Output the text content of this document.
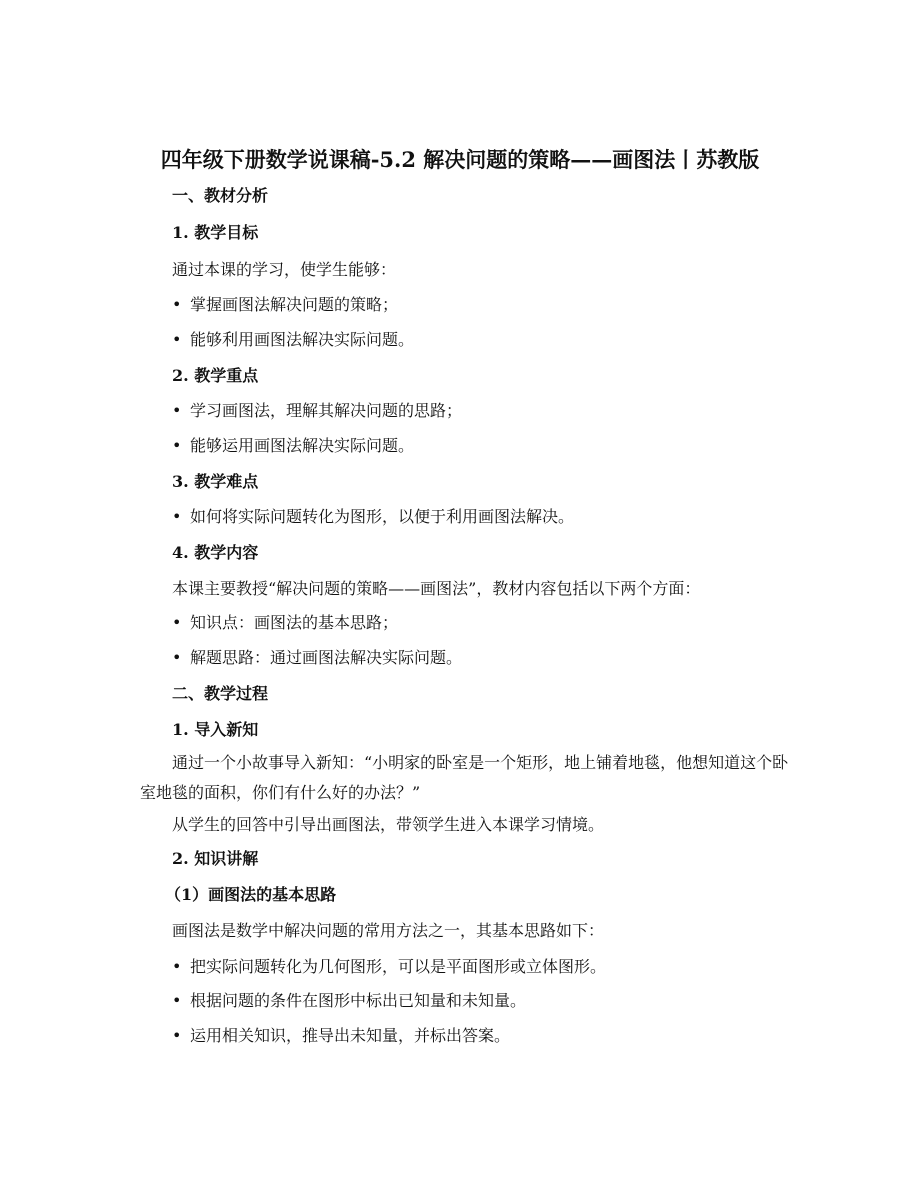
四年级下册数学说课稿-5.2 解决问题的策略——画图法丨苏教版
一、教材分析
1. 教学目标
通过本课的学习，使学生能够：
• 掌握画图法解决问题的策略；
• 能够利用画图法解决实际问题。
2. 教学重点
• 学习画图法，理解其解决问题的思路；
• 能够运用画图法解决实际问题。
3. 教学难点
• 如何将实际问题转化为图形，以便于利用画图法解决。
4. 教学内容
本课主要教授“解决问题的策略——画图法”，教材内容包括以下两个方面：
• 知识点：画图法的基本思路；
• 解题思路：通过画图法解决实际问题。
二、教学过程
1. 导入新知
通过一个小故事导入新知：“小明家的卧室是一个矩形，地上铺着地毯，他想知道这个卧室地毯的面积，你们有什么好的办法？”
从学生的回答中引导出画图法，带领学生进入本课学习情境。
2. 知识讲解
（1）画图法的基本思路
画图法是数学中解决问题的常用方法之一，其基本思路如下：
• 把实际问题转化为几何图形，可以是平面图形或立体图形。
• 根据问题的条件在图形中标出已知量和未知量。
• 运用相关知识，推导出未知量，并标出答案。
